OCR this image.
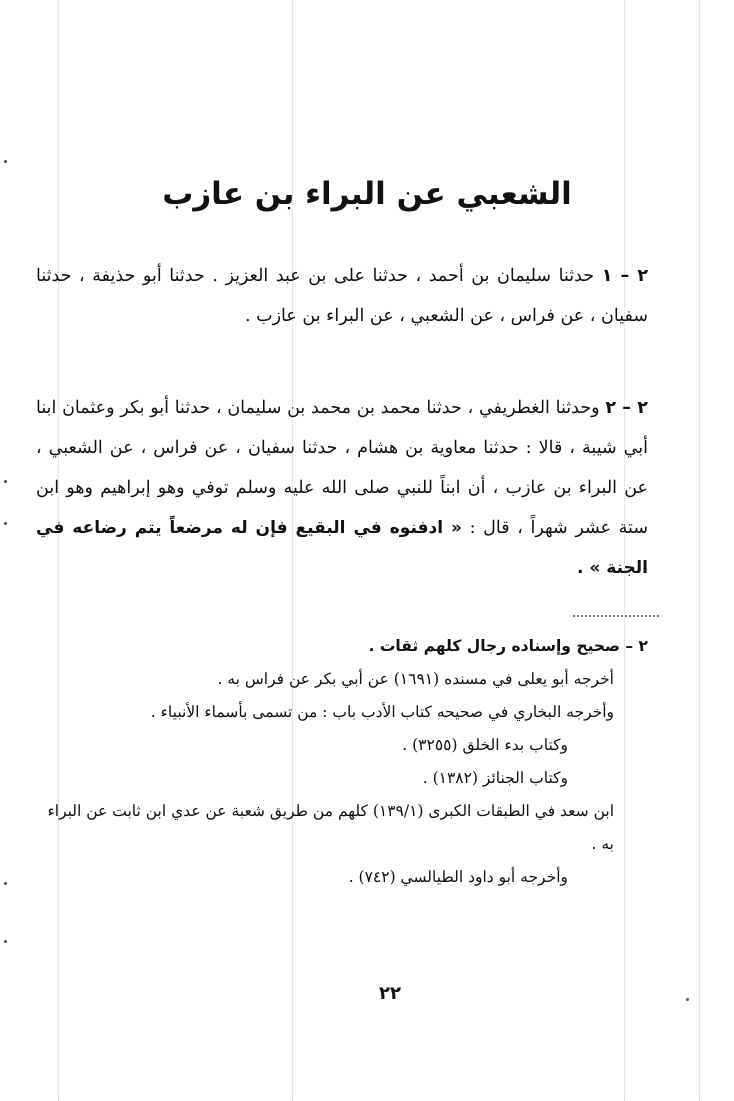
الشعبي عن البراء بن عازب

٢ – ١ حدثنا سليمان بن أحمد ، حدثنا على بن عبد العزيز . حدثنا أبو حذيفة ، حدثنا سفيان ، عن فراس ، عن الشعبي ، عن البراء بن عازب .

٢ – ٢ وحدثنا الغطريفي ، حدثنا محمد بن محمد بن سليمان ، حدثنا أبو بكر وعثمان ابنا أبي شيبة ، قالا : حدثنا معاوية بن هشام ، حدثنا سفيان ، عن فراس ، عن الشعبي ، عن البراء بن عازب ، أن ابناً للنبي صلى الله عليه وسلم توفي وهو إبراهيم وهو ابن ستة عشر شهراً ، قال : « ادفنوه في البقيع فإن له مرضعاً يتم رضاعه في الجنة » .

٢ – صحيح وإسناده رجال كلهم ثقات .
أخرجه أبو يعلى في مسنده (١٦٩١) عن أبي بكر عن فراس به .
وأخرجه البخاري في صحيحه كتاب الأدب باب : من تسمى بأسماء الأنبياء .
وكتاب بدء الخلق (٣٢٥٥) .
وكتاب الجنائز (١٣٨٢) .
ابن سعد في الطبقات الكبرى (١٣٩/١) كلهم من طريق شعبة عن عدي ابن ثابت عن البراء به .
وأخرجه أبو داود الطيالسي (٧٤٢) .
٢٢
